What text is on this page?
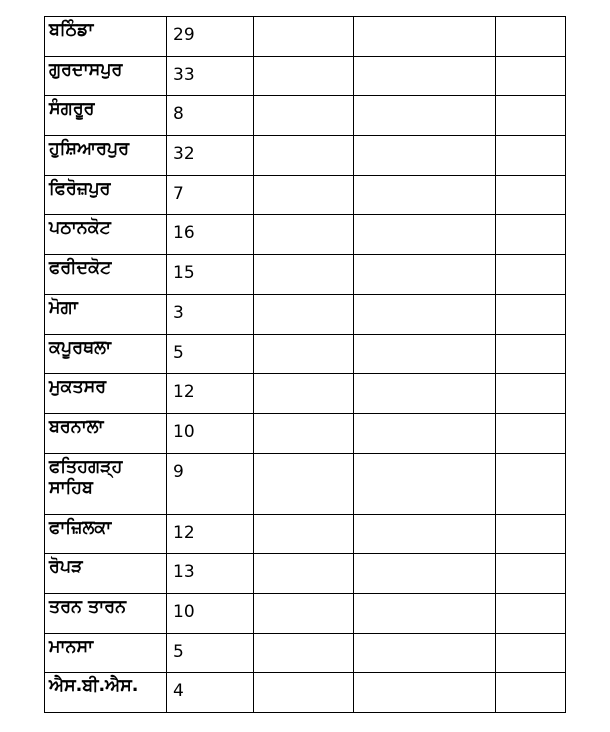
ਬਠਿੰਡਾ	29			
ਗੁਰਦਾਸਪੁਰ	33			
ਸੰਗਰੂਰ	8			
ਹੁਸ਼ਿਆਰਪੁਰ	32			
ਫਿਰੋਜ਼ਪੁਰ	7			
ਪਠਾਨਕੋਟ	16			
ਫਰੀਦਕੋਟ	15			
ਮੋਗਾ	3			
ਕਪੂਰਥਲਾ	5			
ਮੁਕਤਸਰ	12			
ਬਰਨਾਲਾ	10			
ਫਤਿਹਗੜ੍ਹ ਸਾਹਿਬ	9			
ਫਾਜ਼ਿਲਕਾ	12			
ਰੋਪੜ	13			
ਤਰਨ ਤਾਰਨ	10			
ਮਾਨਸਾ	5			
ਐਸ.ਬੀ.ਐਸ.	4			
